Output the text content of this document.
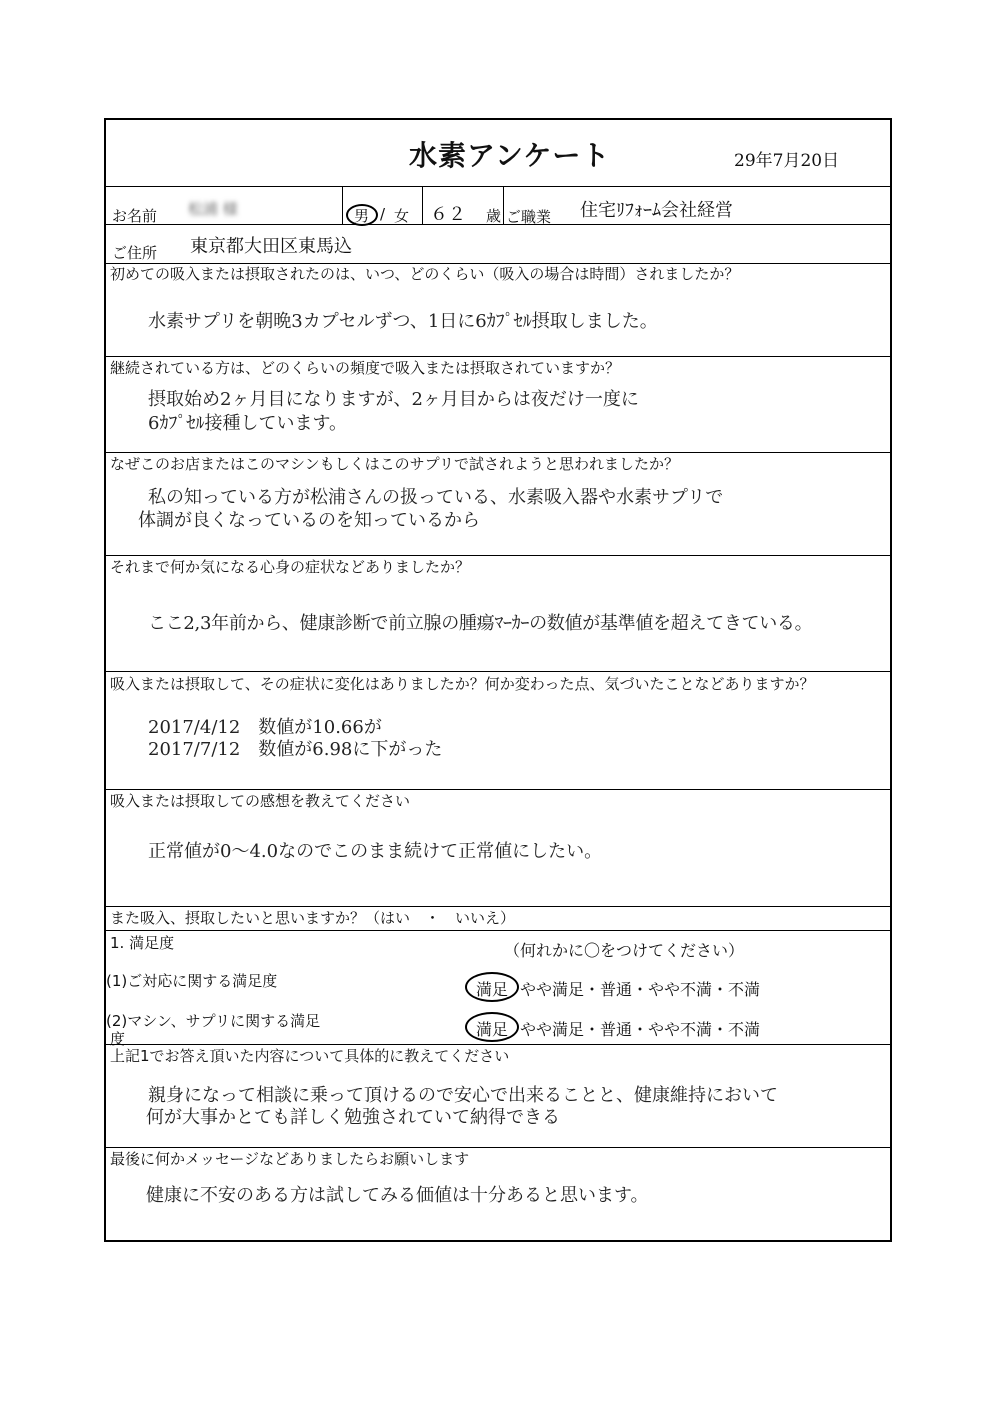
水素アンケート	29年7月20日
お名前 松浦 様	男 / 女 ６２ 歳 ご職業 住宅ﾘﾌｫｰﾑ会社経営
ご住所 東京都大田区東馬込
初めての吸入または摂取されたのは、いつ、どのくらい（吸入の場合は時間）されましたか？
水素サプリを朝晩3カプセルずつ、1日に6ｶﾌﾟｾﾙ摂取しました。
継続されている方は、どのくらいの頻度で吸入または摂取されていますか？
摂取始め2ヶ月目になりますが、2ヶ月目からは夜だけ一度に
6ｶﾌﾟｾﾙ接種しています。
なぜこのお店またはこのマシンもしくはこのサプリで試されようと思われましたか？
私の知っている方が松浦さんの扱っている、水素吸入器や水素サプリで
体調が良くなっているのを知っているから
それまで何か気になる心身の症状などありましたか？
ここ2,3年前から、健康診断で前立腺の腫瘍ﾏｰｶｰの数値が基準値を超えてきている。
吸入または摂取して、その症状に変化はありましたか？何か変わった点、気づいたことなどありますか？
2017/4/12　数値が10.66が
2017/7/12　数値が6.98に下がった
吸入または摂取しての感想を教えてください
正常値が0～4.0なのでこのまま続けて正常値にしたい。
また吸入、摂取したいと思いますか？（はい　・　いいえ）
1. 満足度	（何れかに〇をつけてください）
(1)ご対応に関する満足度	満足 やや満足・普通・やや不満・不満
(2)マシン、サプリに関する満足
度	満足 やや満足・普通・やや不満・不満
上記1でお答え頂いた内容について具体的に教えてください
親身になって相談に乗って頂けるので安心で出来ることと、健康維持において
何が大事かとても詳しく勉強されていて納得できる
最後に何かメッセージなどありましたらお願いします
健康に不安のある方は試してみる価値は十分あると思います。
